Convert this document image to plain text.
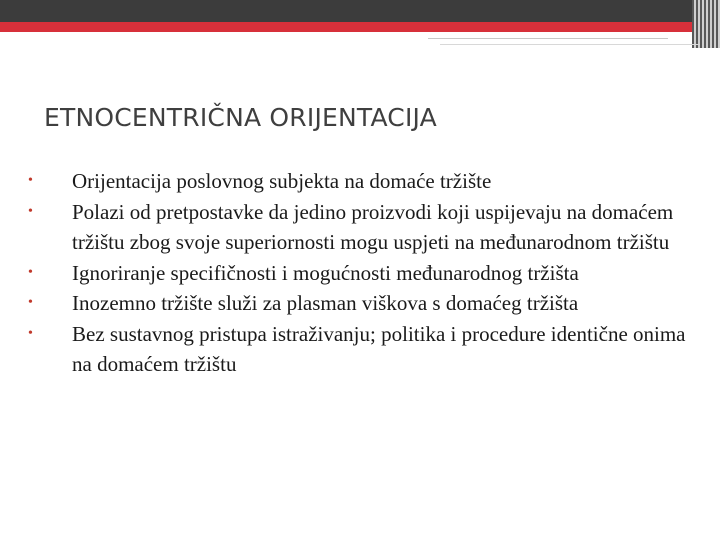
ETNOCENTRIČNA ORIJENTACIJA
•	Orijentacija poslovnog subjekta na domaće tržište
•	Polazi od pretpostavke da jedino proizvodi koji uspijevaju na domaćem tržištu zbog svoje superiornosti mogu uspjeti na međunarodnom tržištu
•	Ignoriranje specifičnosti i mogućnosti međunarodnog tržišta
•	Inozemno tržište služi za plasman viškova s domaćeg tržišta
•	Bez sustavnog pristupa istraživanju; politika i procedure identične onima na domaćem tržištu
